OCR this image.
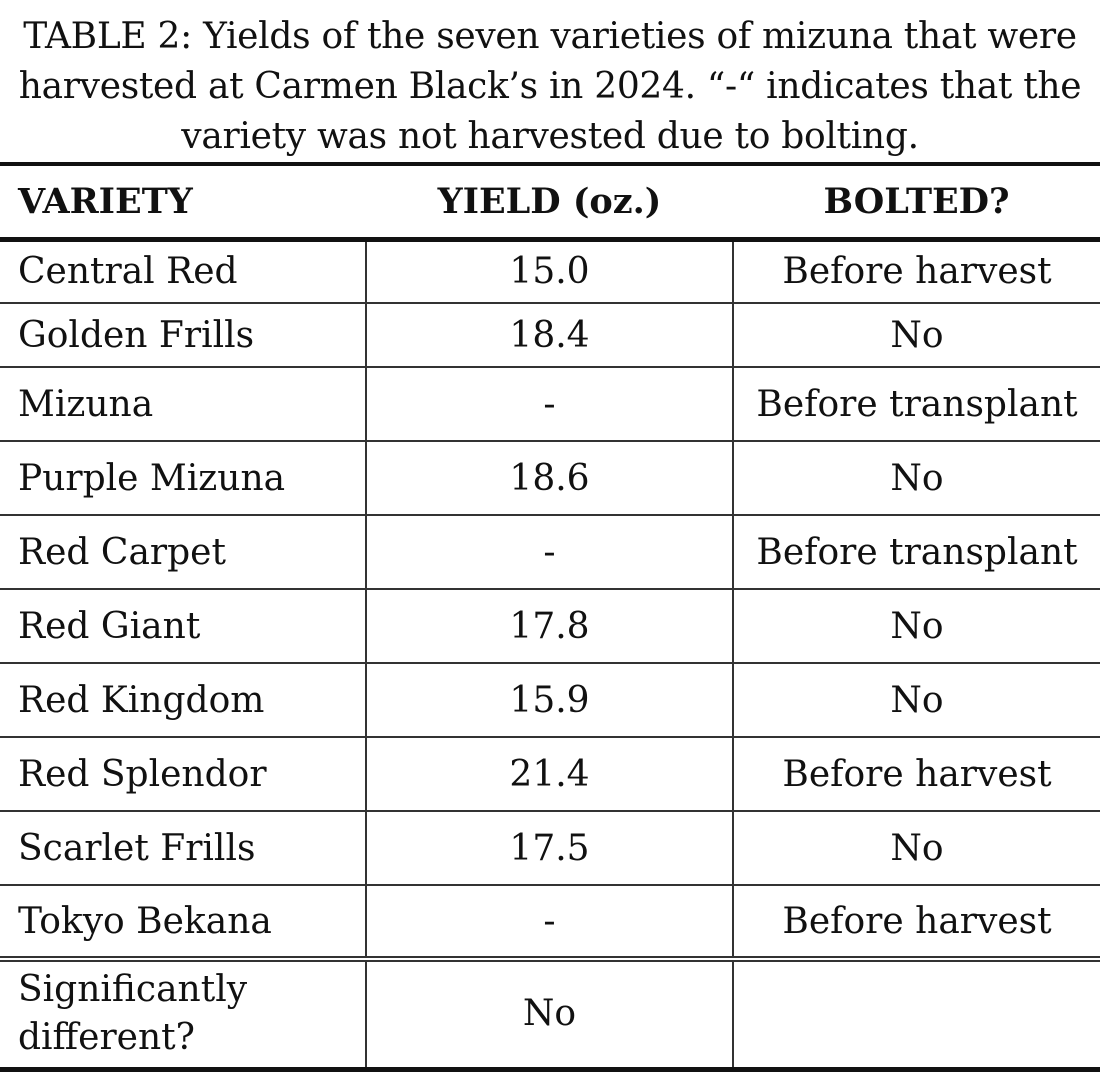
TABLE 2: Yields of the seven varieties of mizuna that were
harvested at Carmen Black’s in 2024. “-“ indicates that the
variety was not harvested due to bolting.
VARIETY	YIELD (oz.)	BOLTED?
Central Red	15.0	Before harvest
Golden Frills	18.4	No
Mizuna	-	Before transplant
Purple Mizuna	18.6	No
Red Carpet	-	Before transplant
Red Giant	17.8	No
Red Kingdom	15.9	No
Red Splendor	21.4	Before harvest
Scarlet Frills	17.5	No
Tokyo Bekana	-	Before harvest
Significantly
different?	No	
